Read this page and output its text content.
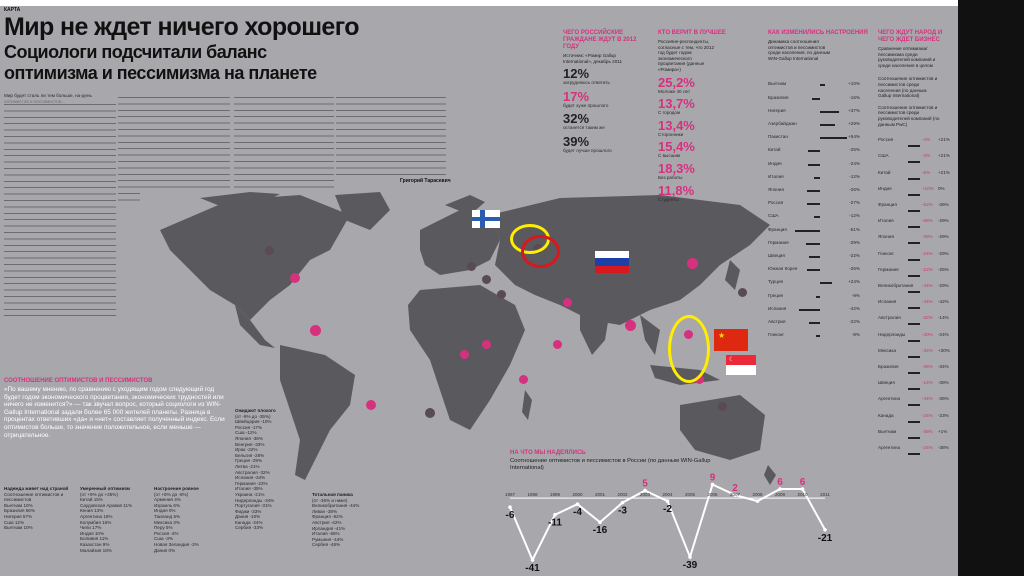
КАРТА
Мир не ждет ничего хорошего
Социологи подсчитали баланс
оптимизма и пессимизма на планете
Мир будет сталь ли тем больше, на-день
Григорий Тарасевич
★
☾
СООТНОШЕНИЕ ОПТИМИСТОВ И ПЕССИМИСТОВ
«По вашему мнению, по сравнению с уходящим годом следующий год будет годом экономического процветания, экономических трудностей или ничего не изменится?» — так звучал вопрос, который социологи из WIN-Gallup International задали более 65 000 жителей планеты. Разница в процентах ответивших «да» и «нет» составляет полученный индекс. Если оптимистов больше, то значение положительное, если меньше — отрицательное.
Надежда живет над страной
Соотношение оптимистов и пессимистов
Вьетнам 10%
Бразилия 56%
Нигерия 57%
Сша 12%
Вьетнам 10%
Умеренный оптимизм
(от +9% до +35%)
Китай 15%
Саудовская Аравия 11%
Кения 13%
Аргентина 18%
Колумбия 16%
Чили 17%
Индия 10%
Боливия 11%
Казахстан 9%
Малайзия 18%
Настроение ровное
(от +8% до -8%)
Армения 4%
Израиль 6%
Индия 0%
Таиланд 5%
Мексика 3%
Перу 5%
Россия -4%
Сша -3%
Новая Зеландия -2%
Дания 0%
Ожидают плохого
(от -9% до -35%)
Швейцария -10%
Россия -17%
Сша -12%
Япония -38%
Венгрия -33%
Ирак -22%
Бельгия -28%
Греция -29%
Литва -21%
Австралия -32%
Испания -34%
Германия -22%
Италия -35%
Украина -21%
Нидерланды -34%
Португалия -31%
Фиджи -33%
Дания -10%
Канада -24%
Сербия -33%
Тотальная паника
(от -36% и ниже)
Великобритания -44%
Ливан -38%
Франция -62%
Австрия -42%
Ирландия -41%
Италия -66%
Румыния -44%
Сербия -48%
НА ЧТО МЫ НАДЕЯЛИСЬ
Соотношение оптимистов и пессимистов в России (по данным WIN-Gallup International)
-6
1997
-41
1998
-11
1999
-4
2000
-16
2001
-3
2002
5
2003
-2
2004
-39
2005
9
2006
2
2007	2008
6
2009
6
2010
-21
2011
ЧЕГО РОССИЙСКИЕ ГРАЖДАНЕ ЖДУТ В 2012 ГОДУ
Источник: «Ромир Gallup International», декабрь 2011
12%
затрудняюсь ответить
17%
будет хуже прошлого
32%
останется таким же
39%
будет лучше прошлого
КТО ВЕРИТ В ЛУЧШЕЕ
Россияне-респонденты, согласные с тем, что 2012 год будет годом экономического процветания (данные «Ромира»)
25,2%
Моложе 40 лет
13,7%
С городом
13,4%
Сторонники
15,4%
С высшим
18,3%
Без работы
11,8%
Студенты
КАК ИЗМЕНИЛИСЬ НАСТРОЕНИЯ
Динамика соотношения оптимистов и пессимистов среди населения, по данным WIN-Gallup International
Вьетнам	+10%
Бразилия	-16%
Нигерия	+37%
Азербайджан	+29%
Пакистан	+54%
Китай	-25%
Индия	-24%
Италия	-12%
Япония	-26%
Россия	-27%
США	-12%
Франция	-51%
Германия	-29%
Швеция	-22%
Южная Корея	-26%
Турция	+24%
Греция	-9%
Испания	-42%
Австрия	-22%
Гонконг	-8%
ЧЕГО ЖДУТ НАРОД И ЧЕГО ЖДЕТ БИЗНЕС
Сравнение оптимизма/пессимизма среди руководителей компаний и среди населения в целом
Соотношение оптимистов и пессимистов среди населения (по данным Gallup International)
Соотношение оптимистов и пессимистов среди руководителей компаний (по данным PwC)
Россия	-4% +21%
США	-3% +21%
Китай	-5% +21%
Индия	+10% 0%
Франция	-62% -36%
Италия	-66% -29%
Япония	-38% -29%
Гонконг	-24% -29%
Германия	-22% -25%
Великобритания -44% -29%
Испания	-44% -42%
Австралия	-32% -14%
Нидерланды	-40% -24%
Мексика	-34% +30%
Бразилия	-45% -34%
Швеция	-14% -38%
Аргентина	-44% -36%
Канада	-24% -23%
Вьетнам	-48% +1%
Аргентина	-24% -38%
